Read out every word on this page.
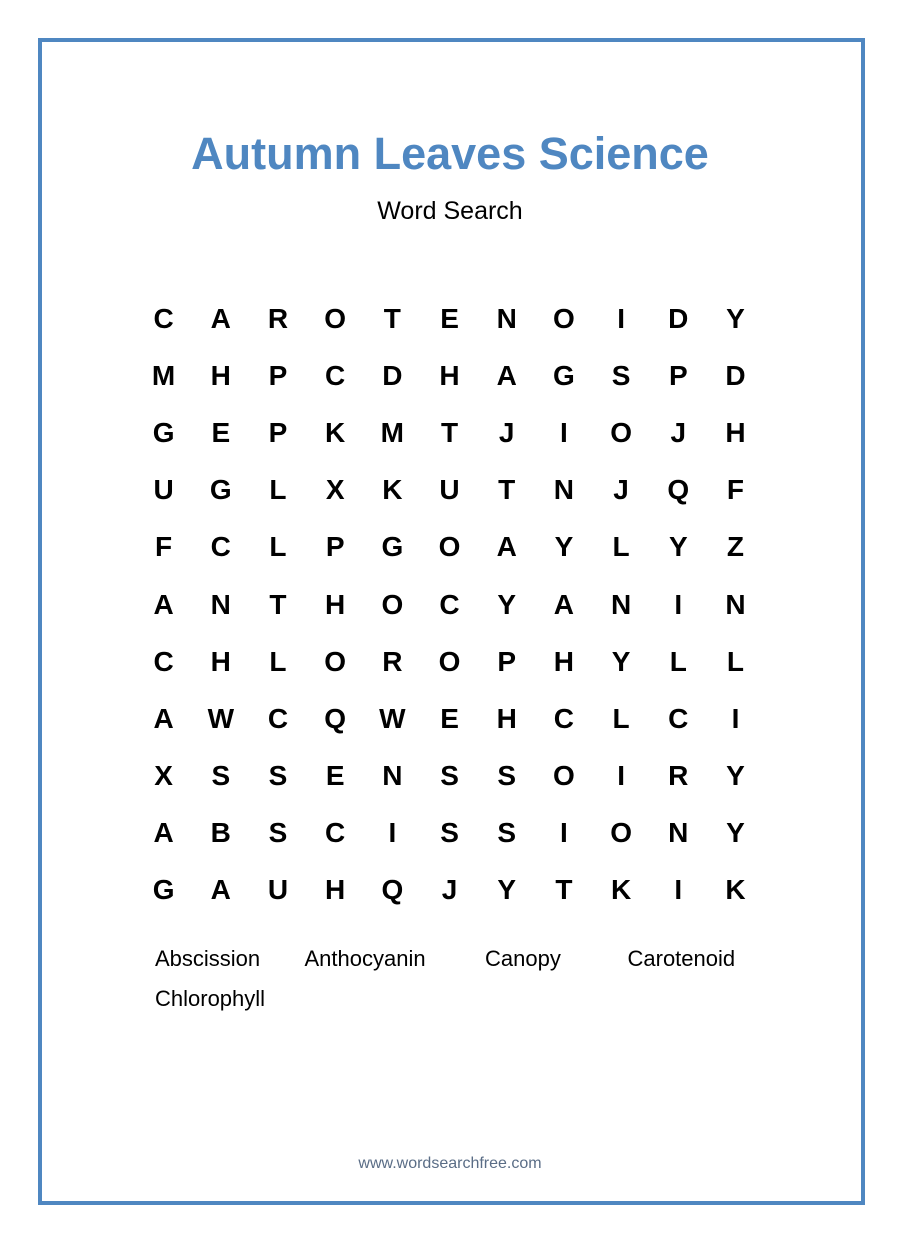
Autumn Leaves Science
Word Search
C	A	R	O	T	E	N	O	I	D	Y
M	H	P	C	D	H	A	G	S	P	D
G	E	P	K	M	T	J	I	O	J	H
U	G	L	X	K	U	T	N	J	Q	F
F	C	L	P	G	O	A	Y	L	Y	Z
A	N	T	H	O	C	Y	A	N	I	N
C	H	L	O	R	O	P	H	Y	L	L
A	W	C	Q	W	E	H	C	L	C	I
X	S	S	E	N	S	S	O	I	R	Y
A	B	S	C	I	S	S	I	O	N	Y
G	A	U	H	Q	J	Y	T	K	I	K
Abscission	Anthocyanin	Canopy	Carotenoid
Chlorophyll
www.wordsearchfree.com
